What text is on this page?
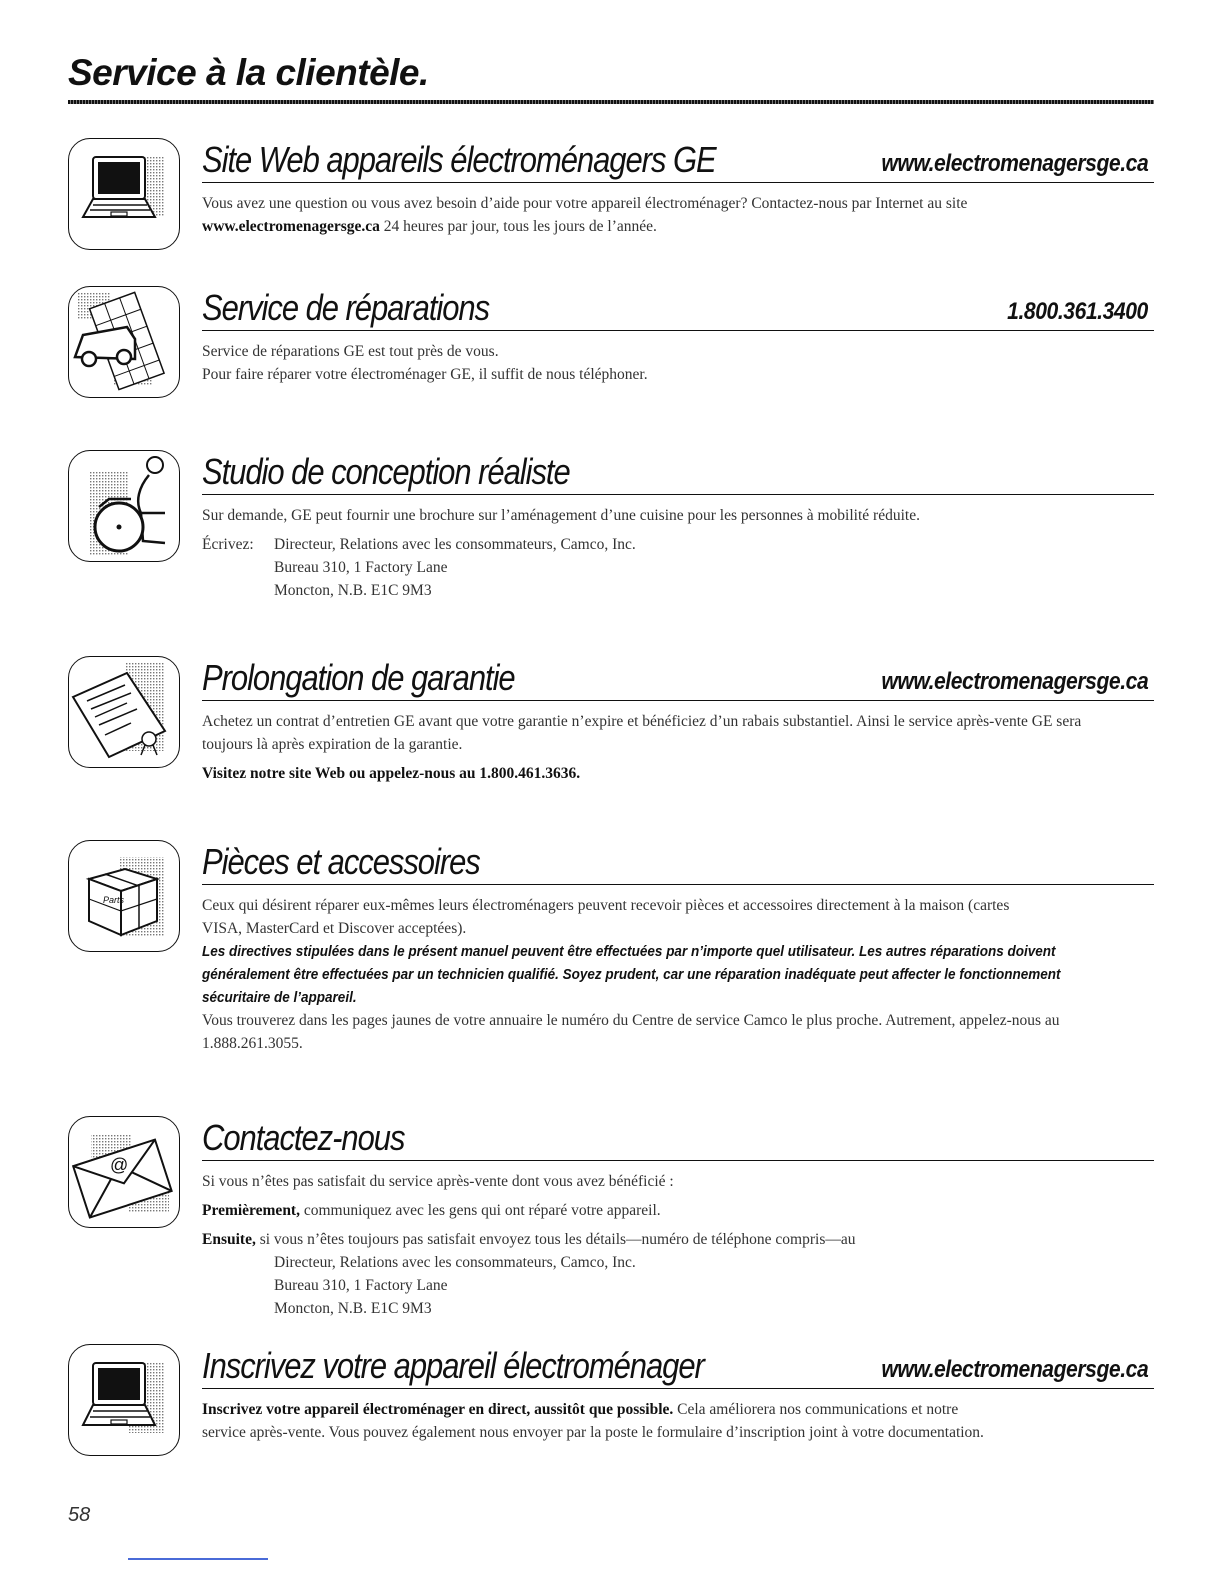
Service à la clientèle.
Site Web appareils électroménagers GE	www.electromenagersge.ca

Vous avez une question ou vous avez besoin d’aide pour votre appareil électroménager? Contactez-nous par Internet au site www.electromenagersge.ca 24 heures par jour, tous les jours de l’année.

Service de réparations	1.800.361.3400

Service de réparations GE est tout près de vous.

Pour faire réparer votre électroménager GE, il suffit de nous téléphoner.

Studio de conception réaliste

Sur demande, GE peut fournir une brochure sur l’aménagement d’une cuisine pour les personnes à mobilité réduite.

Écrivez: Directeur, Relations avec les consommateurs, Camco, Inc.

Bureau 310, 1 Factory Lane

Moncton, N.B. E1C 9M3

Prolongation de garantie	www.electromenagersge.ca

Achetez un contrat d’entretien GE avant que votre garantie n’expire et bénéficiez d’un rabais substantiel. Ainsi le service après-vente GE sera toujours là après expiration de la garantie.

Visitez notre site Web ou appelez-nous au 1.800.461.3636.

Parts
Pièces et accessoires

Ceux qui désirent réparer eux-mêmes leurs électroménagers peuvent recevoir pièces et accessoires directement à la maison (cartes VISA, MasterCard et Discover acceptées).

Les directives stipulées dans le présent manuel peuvent être effectuées par n’importe quel utilisateur. Les autres réparations doivent généralement être effectuées par un technicien qualifié. Soyez prudent, car une réparation inadéquate peut affecter le fonctionnement sécuritaire de l’appareil.

Vous trouverez dans les pages jaunes de votre annuaire le numéro du Centre de service Camco le plus proche. Autrement, appelez-nous au 1.888.261.3055.

@
Contactez-nous

Si vous n’êtes pas satisfait du service après-vente dont vous avez bénéficié :

Premièrement, communiquez avec les gens qui ont réparé votre appareil.

Ensuite, si vous n’êtes toujours pas satisfait envoyez tous les détails—numéro de téléphone compris—au

Directeur, Relations avec les consommateurs, Camco, Inc.

Bureau 310, 1 Factory Lane

Moncton, N.B. E1C 9M3

Inscrivez votre appareil électroménager	www.electromenagersge.ca

Inscrivez votre appareil électroménager en direct, aussitôt que possible. Cela améliorera nos communications et notre service après-vente. Vous pouvez également nous envoyer par la poste le formulaire d’inscription joint à votre documentation.

58
